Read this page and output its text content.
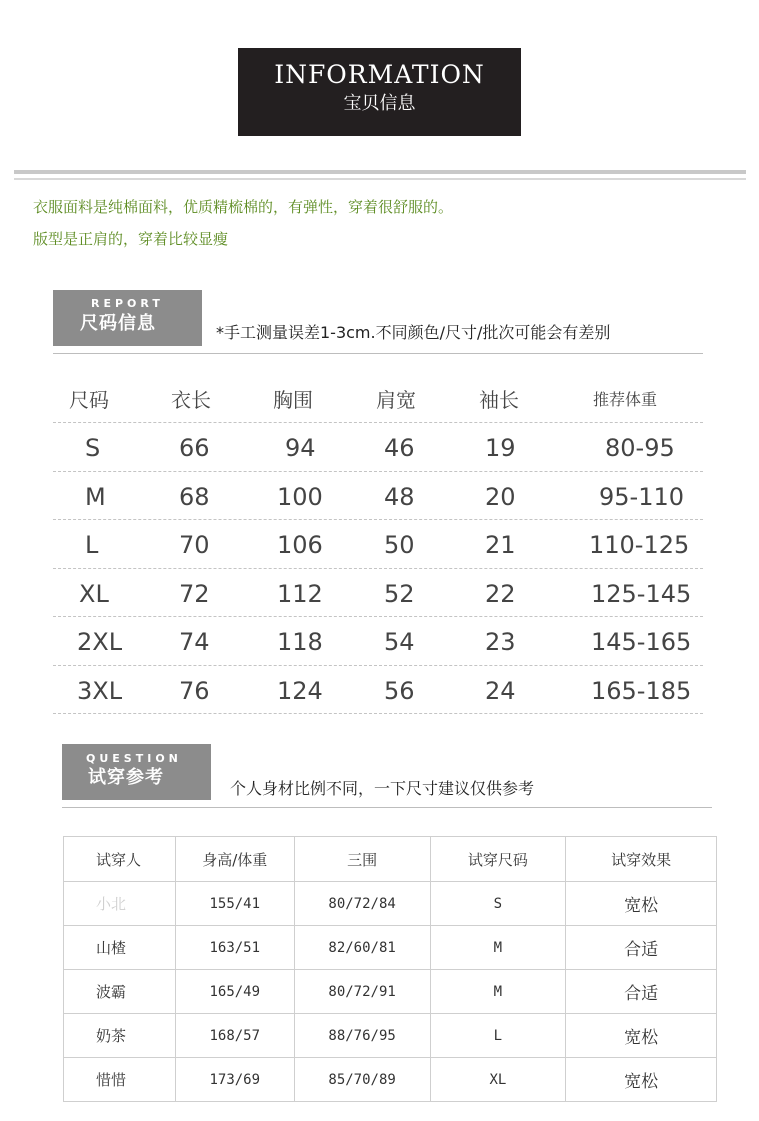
INFORMATION
宝贝信息
衣服面料是纯棉面料，优质精梳棉的，有弹性，穿着很舒服的。
版型是正肩的，穿着比较显瘦
REPORT
尺码信息	*手工测量误差1-3cm.不同颜色/尺寸/批次可能会有差别
尺码	衣长	胸围	肩宽	袖长	推荐体重
S	66	94	46	19	80-95
M	68	100	48	20	95-110
L	70	106	50	21	110-125
XL	72	112	52	22	125-145
2XL 74	118	54	23	145-165
3XL 76	124	56	24	165-185
QUESTION
试穿参考
个人身材比例不同，一下尺寸建议仅供参考
试穿人	身高/体重	三围	试穿尺码	试穿效果
小北	155/41	80/72/84	S	宽松
山楂	163/51	82/60/81	M	合适
波霸	165/49	80/72/91	M	合适
奶茶	168/57	88/76/95	L	宽松
惜惜	173/69	85/70/89	XL	宽松
